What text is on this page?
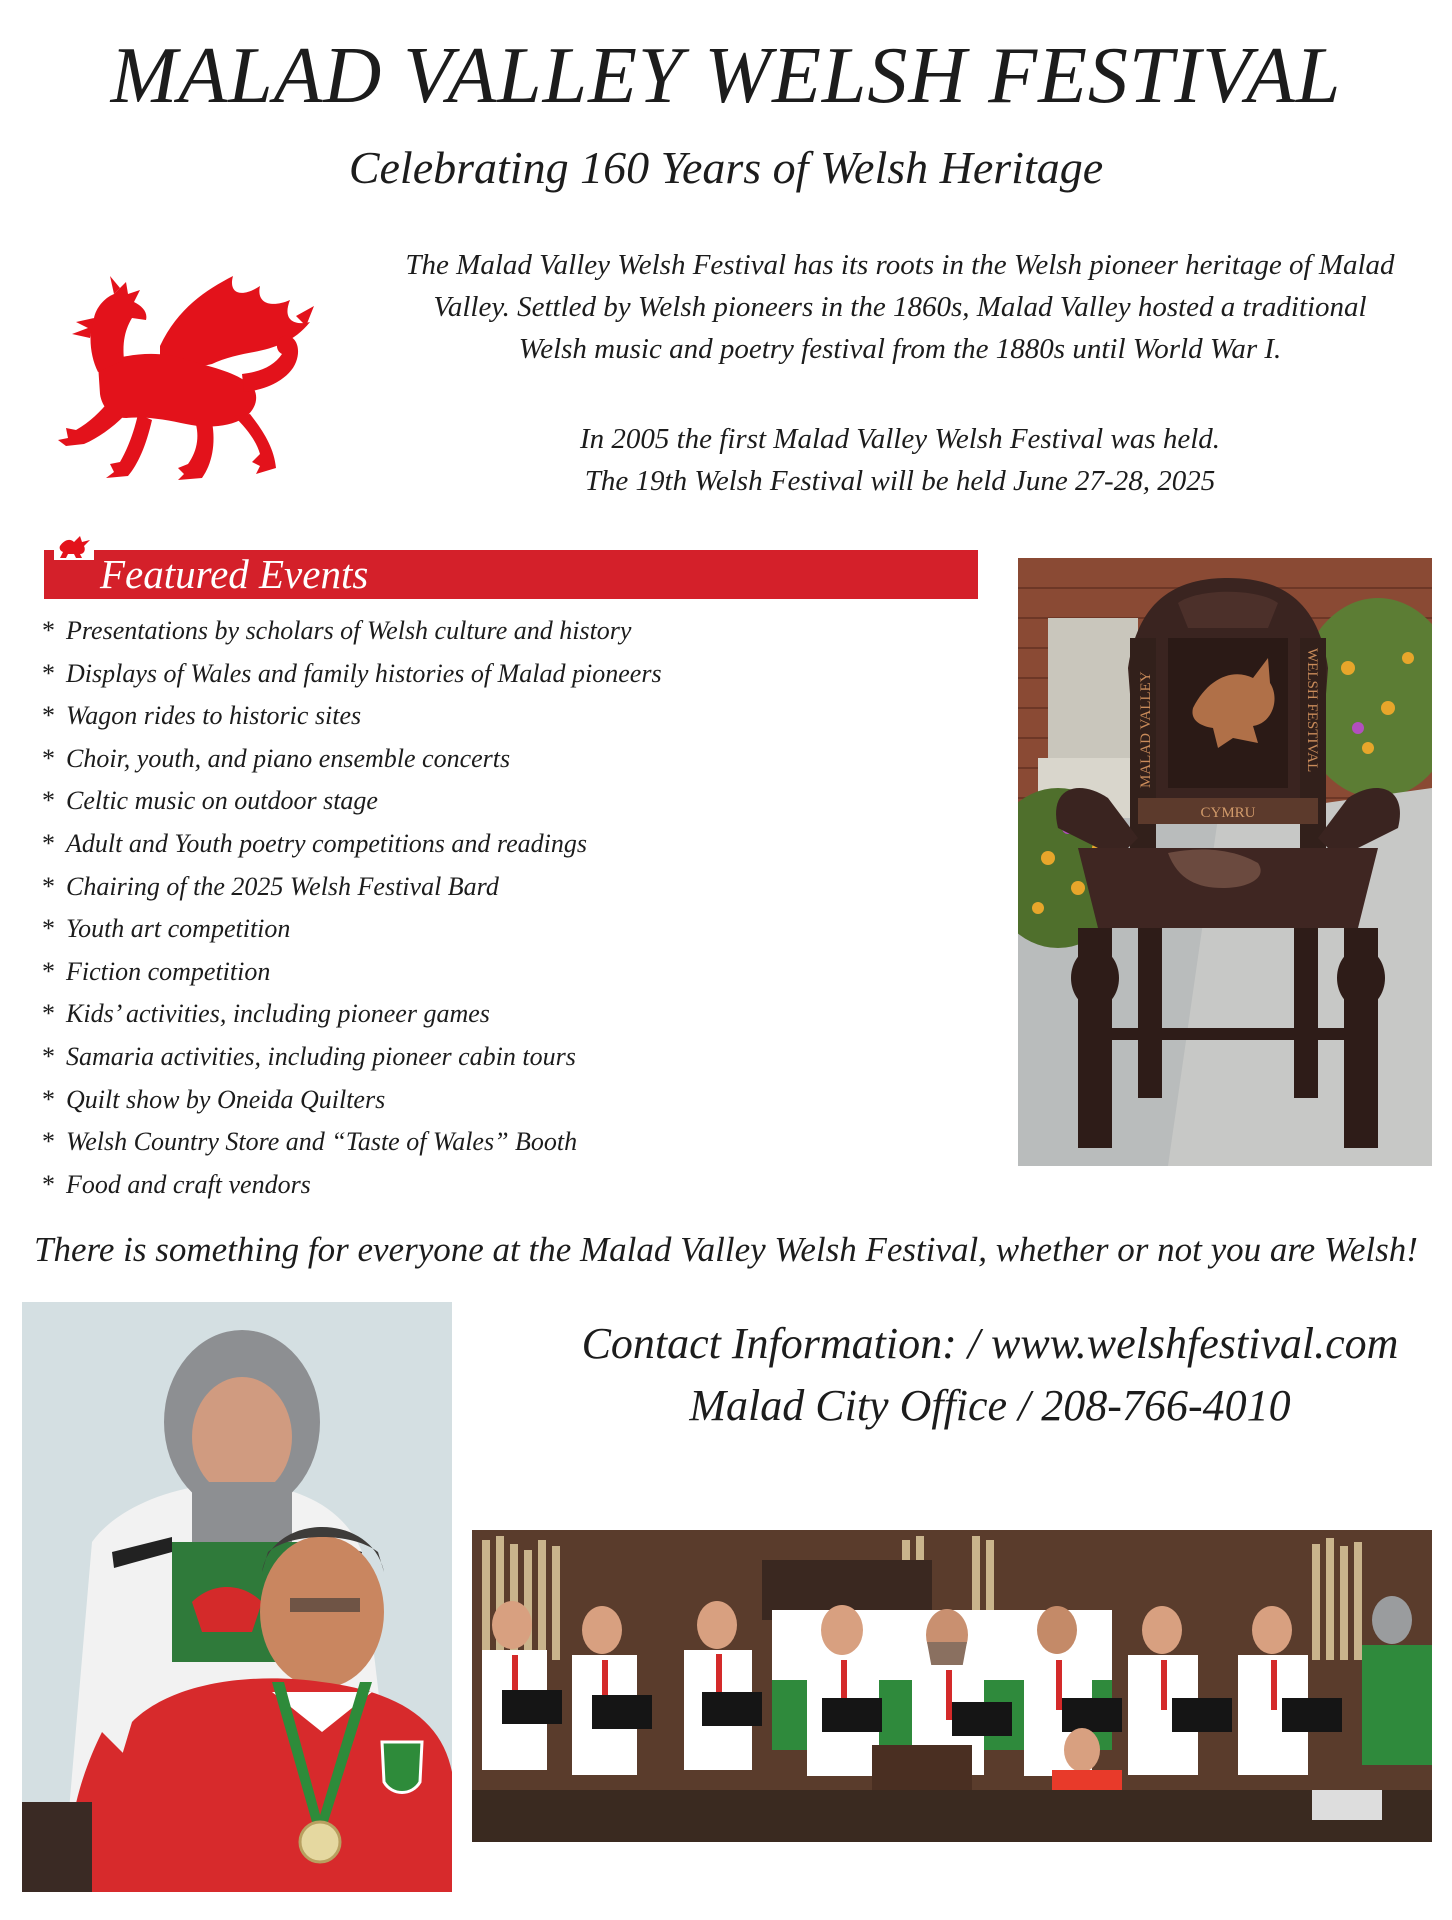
MALAD VALLEY WELSH FESTIVAL
Celebrating 160 Years of Welsh Heritage
The Malad Valley Welsh Festival has its roots in the Welsh pioneer heritage of Malad
Valley. Settled by Welsh pioneers in the 1860s, Malad Valley hosted a traditional
Welsh music and poetry festival from the 1880s until World War I.
In 2005 the first Malad Valley Welsh Festival was held.
The 19th Welsh Festival will be held June 27-28, 2025
Featured Events
* Presentations by scholars of Welsh culture and history
* Displays of Wales and family histories of Malad pioneers
* Wagon rides to historic sites
* Choir, youth, and piano ensemble concerts
* Celtic music on outdoor stage
* Adult and Youth poetry competitions and readings
* Chairing of the 2025 Welsh Festival Bard
* Youth art competition
* Fiction competition
* Kids’ activities, including pioneer games
* Samaria activities, including pioneer cabin tours
* Quilt show by Oneida Quilters
* Welsh Country Store and “Taste of Wales” Booth
* Food and craft vendors
MALAD VALLEY	WELSH FESTIVAL
CYMRU
There is something for everyone at the Malad Valley Welsh Festival, whether or not you are Welsh!
Contact Information: / www.welshfestival.com
Malad City Office / 208-766-4010
